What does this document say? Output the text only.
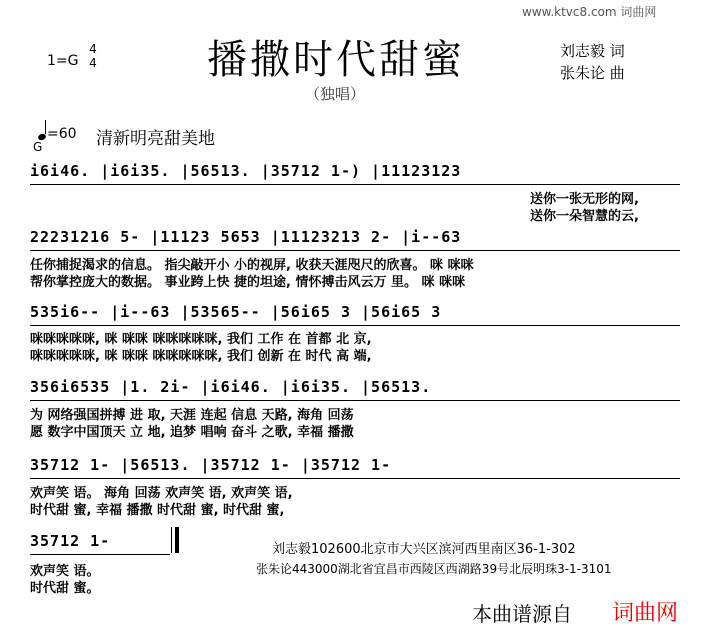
www.ktvc8.com 词曲网
1=G
4
4	播撒时代甜蜜
（独唱）
刘志毅 词
张朱论 曲
=60
G	清新明亮甜美地
i6i46. |i6i35. |56513. |35712 1-) |11123123
送你一张无形的网,
送你一朵智慧的云,
22231216 5- |11123 5653 |11123213 2- |i--63
任你捕捉渴求的信息。 指尖敲开小 小的视屏, 收获天涯咫尺的欣喜。 咪 咪咪
帮你掌控庞大的数据。 事业跨上快 捷的坦途, 情怀搏击风云万 里。 咪 咪咪
535i6-- |i--63 |53565-- |56i65 3 |56i65 3
咪咪咪咪咪, 咪 咪咪 咪咪咪咪咪, 我们 工作 在 首都 北 京,
咪咪咪咪咪, 咪 咪咪 咪咪咪咪咪, 我们 创新 在 时代 高 端,
356i6535 |1. 2i- |i6i46. |i6i35. |56513.
为 网络强国拼搏 进 取, 天涯 连起 信息 天路, 海角 回荡
愿 数字中国顶天 立 地, 追梦 唱响 奋斗 之歌, 幸福 播撒
35712 1- |56513. |35712 1- |35712 1-
欢声笑 语。 海角 回荡 欢声笑 语, 欢声笑 语,
时代甜 蜜, 幸福 播撒 时代甜 蜜, 时代甜 蜜,
35712 1-
欢声笑 语。
时代甜 蜜。
刘志毅102600北京市大兴区滨河西里南区36-1-302
张朱论443000湖北省宜昌市西陵区西湖路39号北辰明珠3-1-3101
本曲谱源自 词曲网
